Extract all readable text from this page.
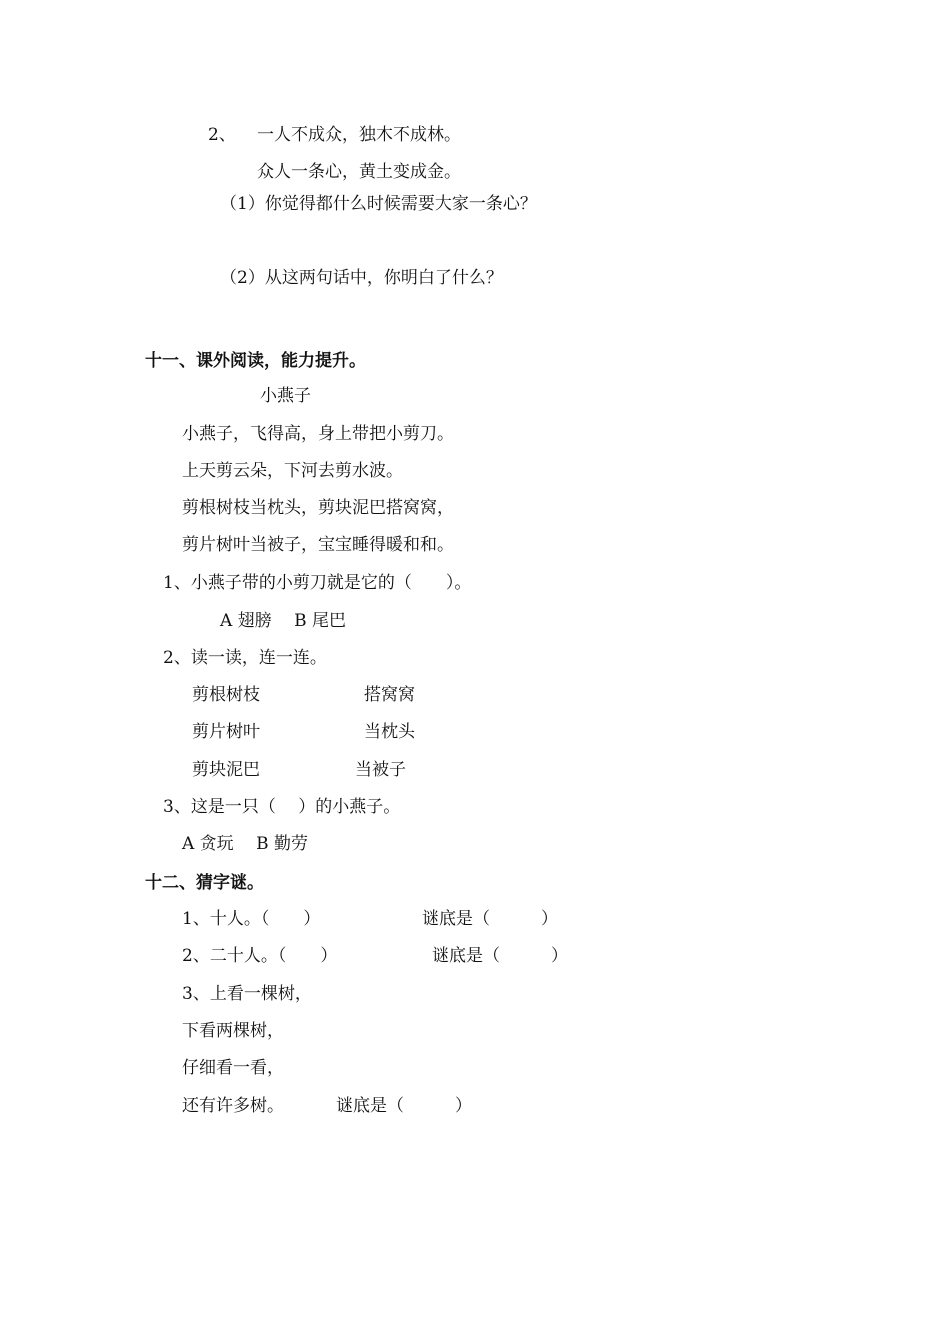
2、 一人不成众，独木不成林。
众人一条心，黄土变成金。
（1）你觉得都什么时候需要大家一条心？
（2）从这两句话中，你明白了什么？
十一、课外阅读，能力提升。
小燕子
小燕子，飞得高，身上带把小剪刀。
上天剪云朵，下河去剪水波。
剪根树枝当枕头，剪块泥巴搭窝窝，
剪片树叶当被子，宝宝睡得暖和和。
1、小燕子带的小剪刀就是它的（　　）。
A 翅膀　 B 尾巴
2、读一读，连一连。
剪根树枝	搭窝窝
剪片树叶	当枕头
剪块泥巴	当被子
3、这是一只（　 ）的小燕子。
A 贪玩　 B 勤劳
十二、猜字谜。
1、十人。（　　）	谜底是（　　　）
2、二十人。（　　）	谜底是（　　　）
3、上看一棵树，
下看两棵树，
仔细看一看，
还有许多树。	谜底是（　　　）
